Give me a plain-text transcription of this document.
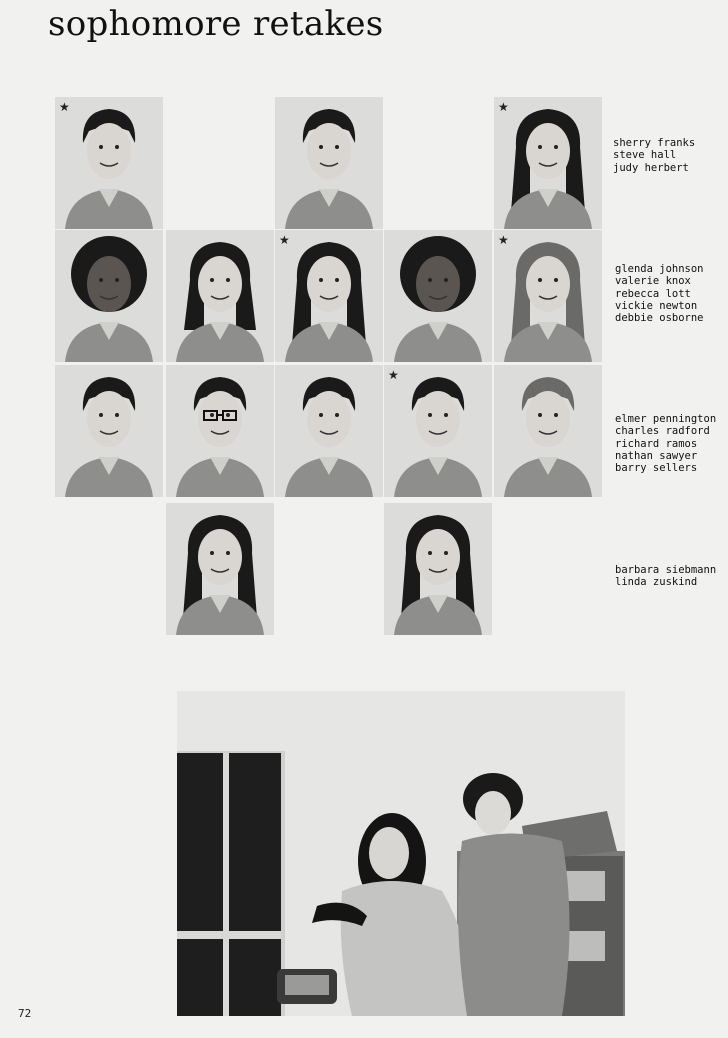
sophomore retakes
★	★
★	★
★
sherry franks
steve hall
judy herbert
glenda johnson
valerie knox
rebecca lott
vickie newton
debbie osborne
elmer pennington
charles radford
richard ramos
nathan sawyer
barry sellers
barbara siebmann
linda zuskind
72
